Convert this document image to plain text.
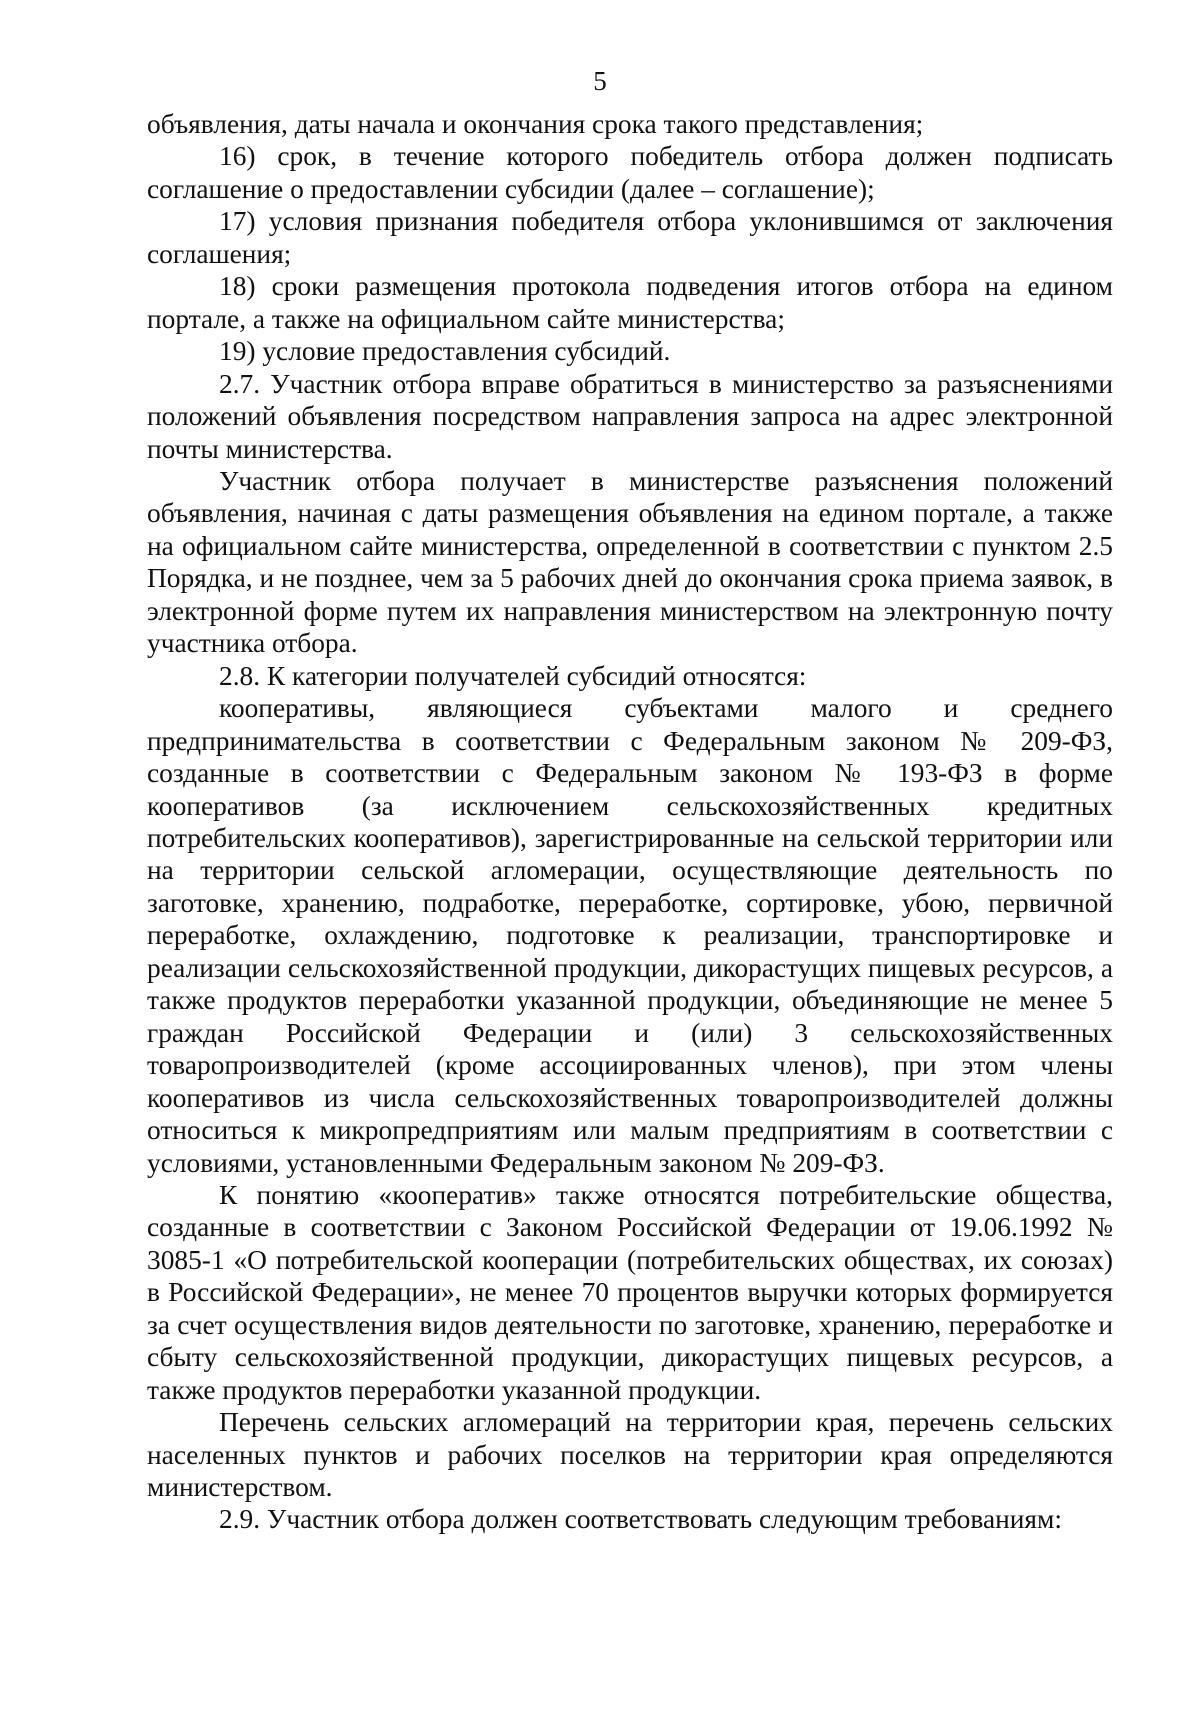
5

объявления, даты начала и окончания срока такого представления;

16) срок, в течение которого победитель отбора должен подписать соглашение о предоставлении субсидии (далее – соглашение);

17) условия признания победителя отбора уклонившимся от заключения соглашения;

18) сроки размещения протокола подведения итогов отбора на едином портале, а также на официальном сайте министерства;

19) условие предоставления субсидий.

2.7. Участник отбора вправе обратиться в министерство за разъяснениями положений объявления посредством направления запроса на адрес электронной почты министерства.

Участник отбора получает в министерстве разъяснения положений объявления, начиная с даты размещения объявления на едином портале, а также на официальном сайте министерства, определенной в соответствии с пунктом 2.5 Порядка, и не позднее, чем за 5 рабочих дней до окончания срока приема заявок, в электронной форме путем их направления министерством на электронную почту участника отбора.

2.8. К категории получателей субсидий относятся:

кооперативы, являющиеся субъектами малого и среднего предпринимательства в соответствии с Федеральным законом № 209-ФЗ, созданные в соответствии с Федеральным законом № 193-ФЗ в форме кооперативов (за исключением сельскохозяйственных кредитных потребительских кооперативов), зарегистрированные на сельской территории или на территории сельской агломерации, осуществляющие деятельность по заготовке, хранению, подработке, переработке, сортировке, убою, первичной переработке, охлаждению, подготовке к реализации, транспортировке и реализации сельскохозяйственной продукции, дикорастущих пищевых ресурсов, а также продуктов переработки указанной продукции, объединяющие не менее 5 граждан Российской Федерации и (или) 3 сельскохозяйственных товаропроизводителей (кроме ассоциированных членов), при этом члены кооперативов из числа сельскохозяйственных товаропроизводителей должны относиться к микропредприятиям или малым предприятиям в соответствии с условиями, установленными Федеральным законом № 209-ФЗ.

К понятию «кооператив» также относятся потребительские общества, созданные в соответствии с Законом Российской Федерации от 19.06.1992 № 3085-1 «О потребительской кооперации (потребительских обществах, их союзах) в Российской Федерации», не менее 70 процентов выручки которых формируется за счет осуществления видов деятельности по заготовке, хранению, переработке и сбыту сельскохозяйственной продукции, дикорастущих пищевых ресурсов, а также продуктов переработки указанной продукции.

Перечень сельских агломераций на территории края, перечень сельских населенных пунктов и рабочих поселков на территории края определяются министерством.

2.9. Участник отбора должен соответствовать следующим требованиям:
